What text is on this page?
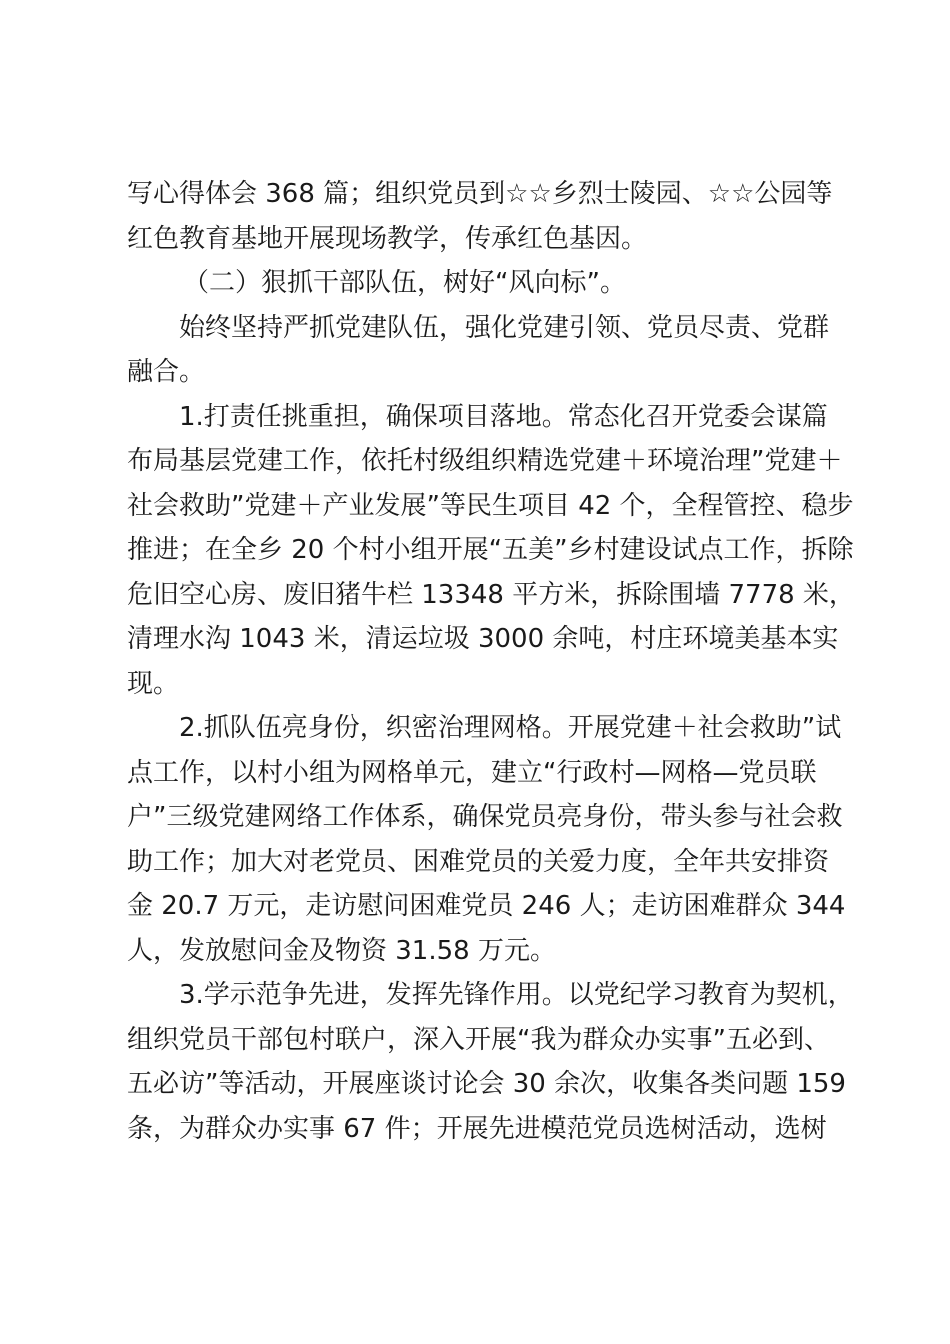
写心得体会 368 篇；组织党员到☆☆乡烈士陵园、☆☆公园等
红色教育基地开展现场教学，传承红色基因。

（二）狠抓干部队伍，树好“风向标”。

始终坚持严抓党建队伍，强化党建引领、党员尽责、党群
融合。

1.打责任挑重担，确保项目落地。常态化召开党委会谋篇
布局基层党建工作，依托村级组织精选党建＋环境治理”党建＋
社会救助”党建＋产业发展”等民生项目 42 个，全程管控、稳步
推进；在全乡 20 个村小组开展“五美”乡村建设试点工作，拆除
危旧空心房、废旧猪牛栏 13348 平方米，拆除围墙 7778 米，
清理水沟 1043 米，清运垃圾 3000 余吨，村庄环境美基本实
现。

2.抓队伍亮身份，织密治理网格。开展党建＋社会救助”试
点工作，以村小组为网格单元，建立“行政村—网格—党员联
户”三级党建网络工作体系，确保党员亮身份，带头参与社会救
助工作；加大对老党员、困难党员的关爱力度，全年共安排资
金 20.7 万元，走访慰问困难党员 246 人；走访困难群众 344
人，发放慰问金及物资 31.58 万元。

3.学示范争先进，发挥先锋作用。以党纪学习教育为契机，
组织党员干部包村联户，深入开展“我为群众办实事”五必到、
五必访”等活动，开展座谈讨论会 30 余次，收集各类问题 159
条，为群众办实事 67 件；开展先进模范党员选树活动，选树
